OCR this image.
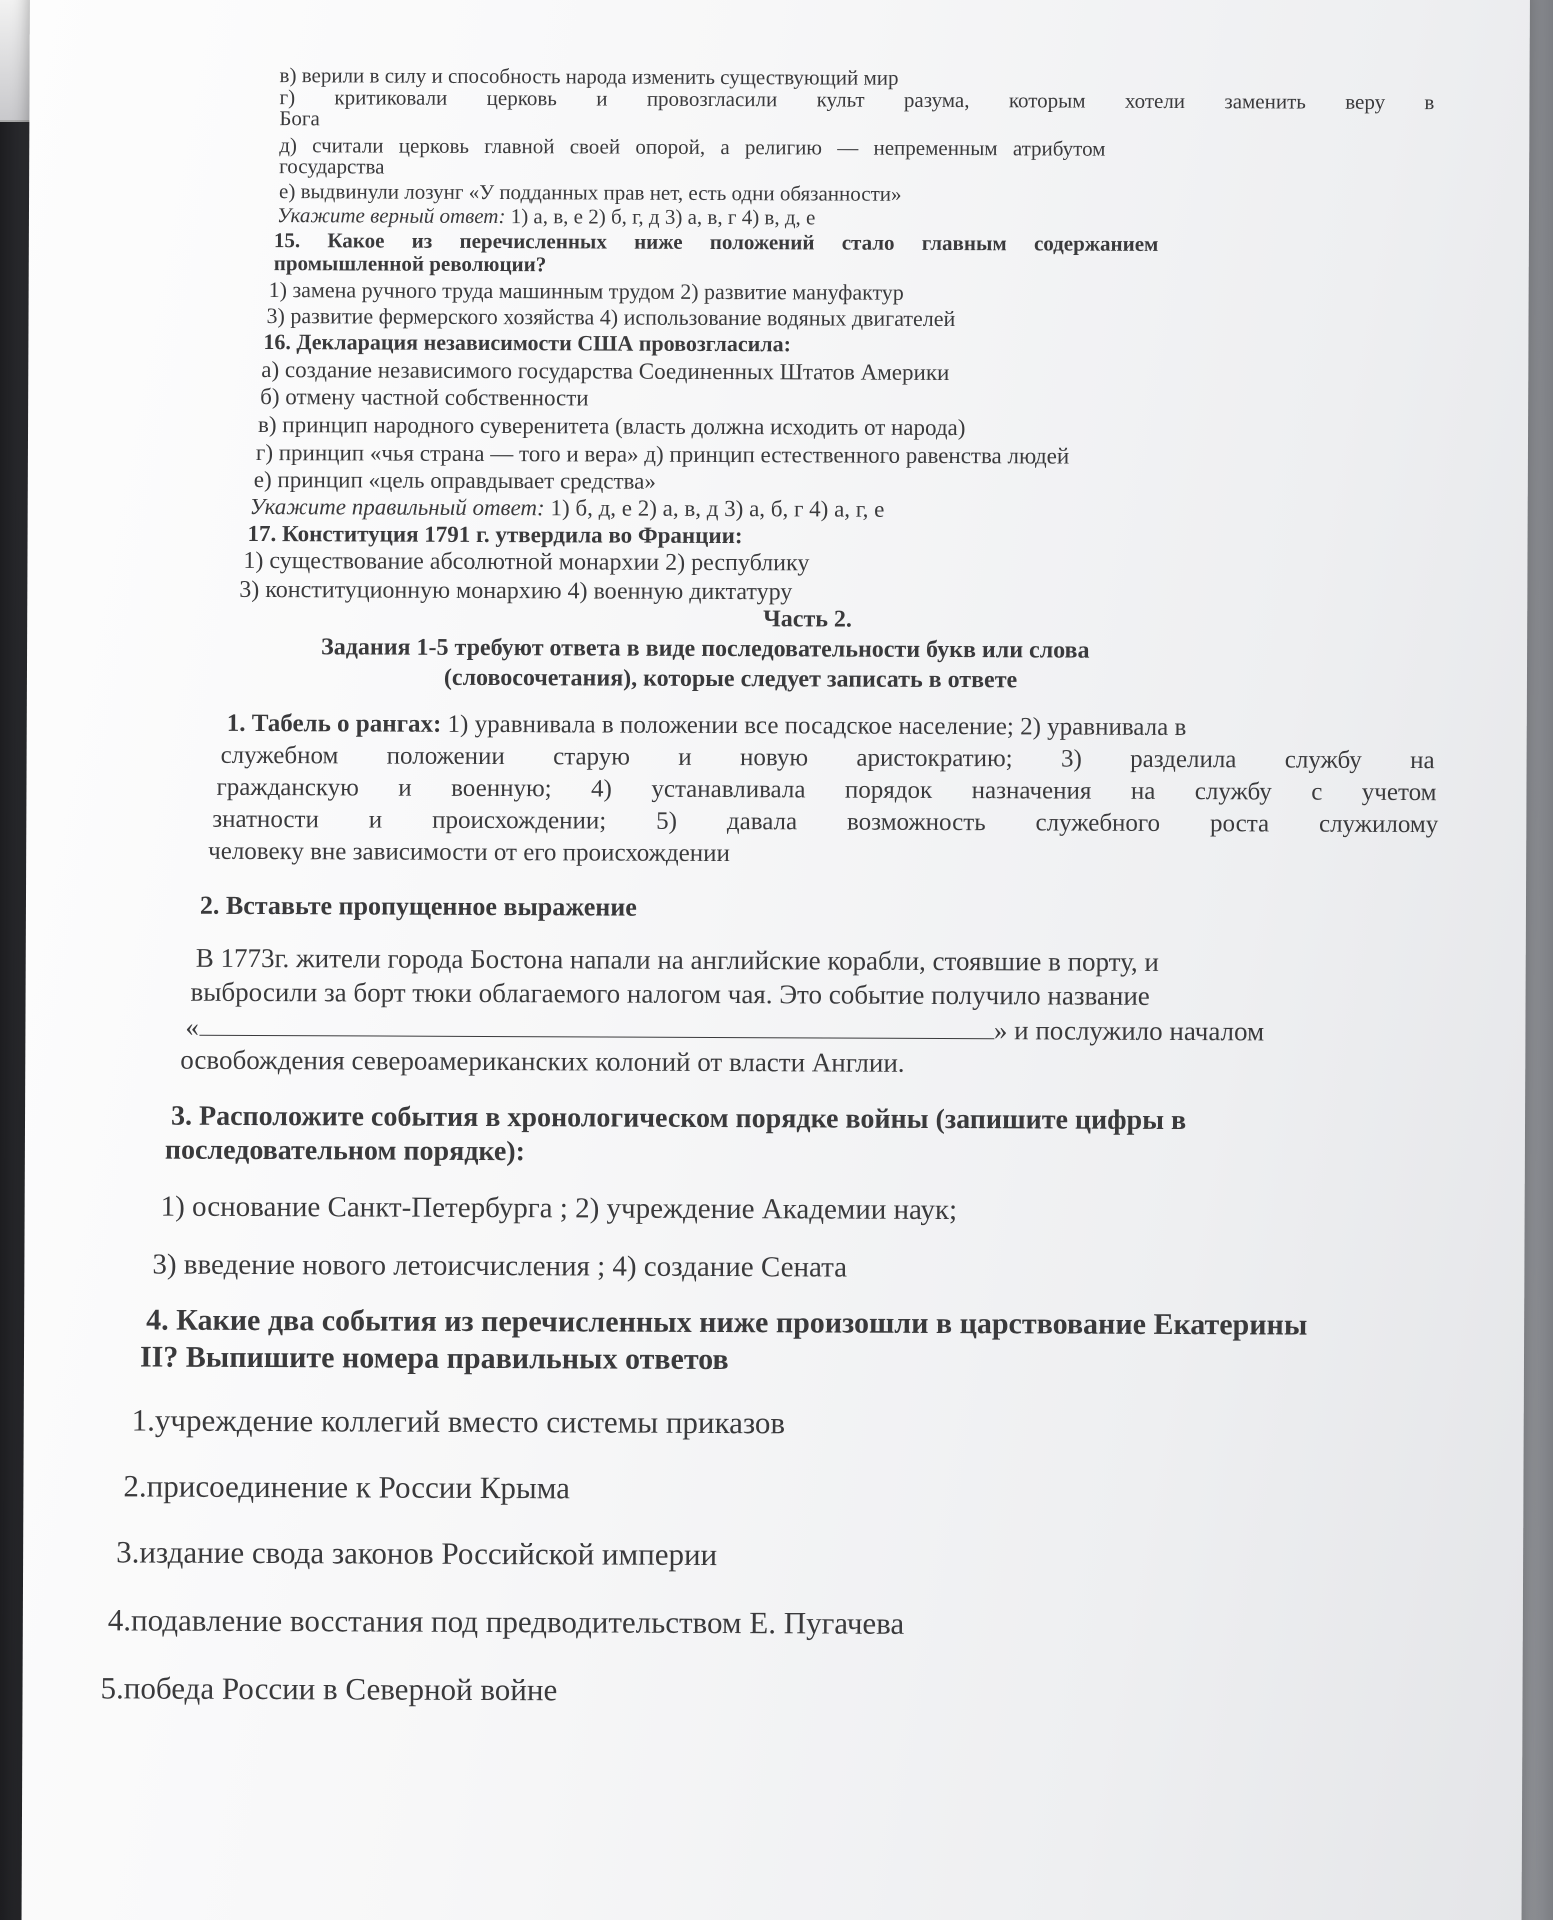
в) верили в силу и способность народа изменить существующий мир
г) критиковали церковь и провозгласили культ разума, которым хотели заменить веру в
Бога
д) считали церковь главной своей опорой, а религию — непременным атрибутом
государства
е) выдвинули лозунг «У подданных прав нет, есть одни обязанности»
Укажите верный ответ: 1) а, в, е 2) б, г, д 3) а, в, г 4) в, д, е
15. Какое из перечисленных ниже положений стало главным содержанием
промышленной революции?
1) замена ручного труда машинным трудом 2) развитие мануфактур
3) развитие фермерского хозяйства 4) использование водяных двигателей
16. Декларация независимости США провозгласила:
а) создание независимого государства Соединенных Штатов Америки
б) отмену частной собственности
в) принцип народного суверенитета (власть должна исходить от народа)
г) принцип «чья страна — того и вера» д) принцип естественного равенства людей
е) принцип «цель оправдывает средства»
Укажите правильный ответ: 1) б, д, е 2) а, в, д 3) а, б, г 4) а, г, е
17. Конституция 1791 г. утвердила во Франции:
1) существование абсолютной монархии 2) республику
3) конституционную монархию 4) военную диктатуру
Часть 2.
Задания 1-5 требуют ответа в виде последовательности букв или слова
(словосочетания), которые следует записать в ответе
1. Табель о рангах: 1) уравнивала в положении все посадское население; 2) уравнивала в
служебном положении старую и новую аристократию; 3) разделила службу на
гражданскую и военную; 4) устанавливала порядок назначения на службу с учетом
знатности и происхождении; 5) давала возможность служебного роста служилому
человеку вне зависимости от его происхождении
2. Вставьте пропущенное выражение
В 1773г. жители города Бостона напали на английские корабли, стоявшие в порту, и
выбросили за борт тюки облагаемого налогом чая. Это событие получило название
«	» и послужило началом
освобождения североамериканских колоний от власти Англии.
3. Расположите события в хронологическом порядке войны (запишите цифры в
последовательном порядке):
1) основание Санкт-Петербурга ; 2) учреждение Академии наук;
3) введение нового летоисчисления ; 4) создание Сената
4. Какие два события из перечисленных ниже произошли в царствование Екатерины
II? Выпишите номера правильных ответов
1.учреждение коллегий вместо системы приказов
2.присоединение к России Крыма
3.издание свода законов Российской империи
4.подавление восстания под предводительством Е. Пугачева
5.победа России в Северной войне
